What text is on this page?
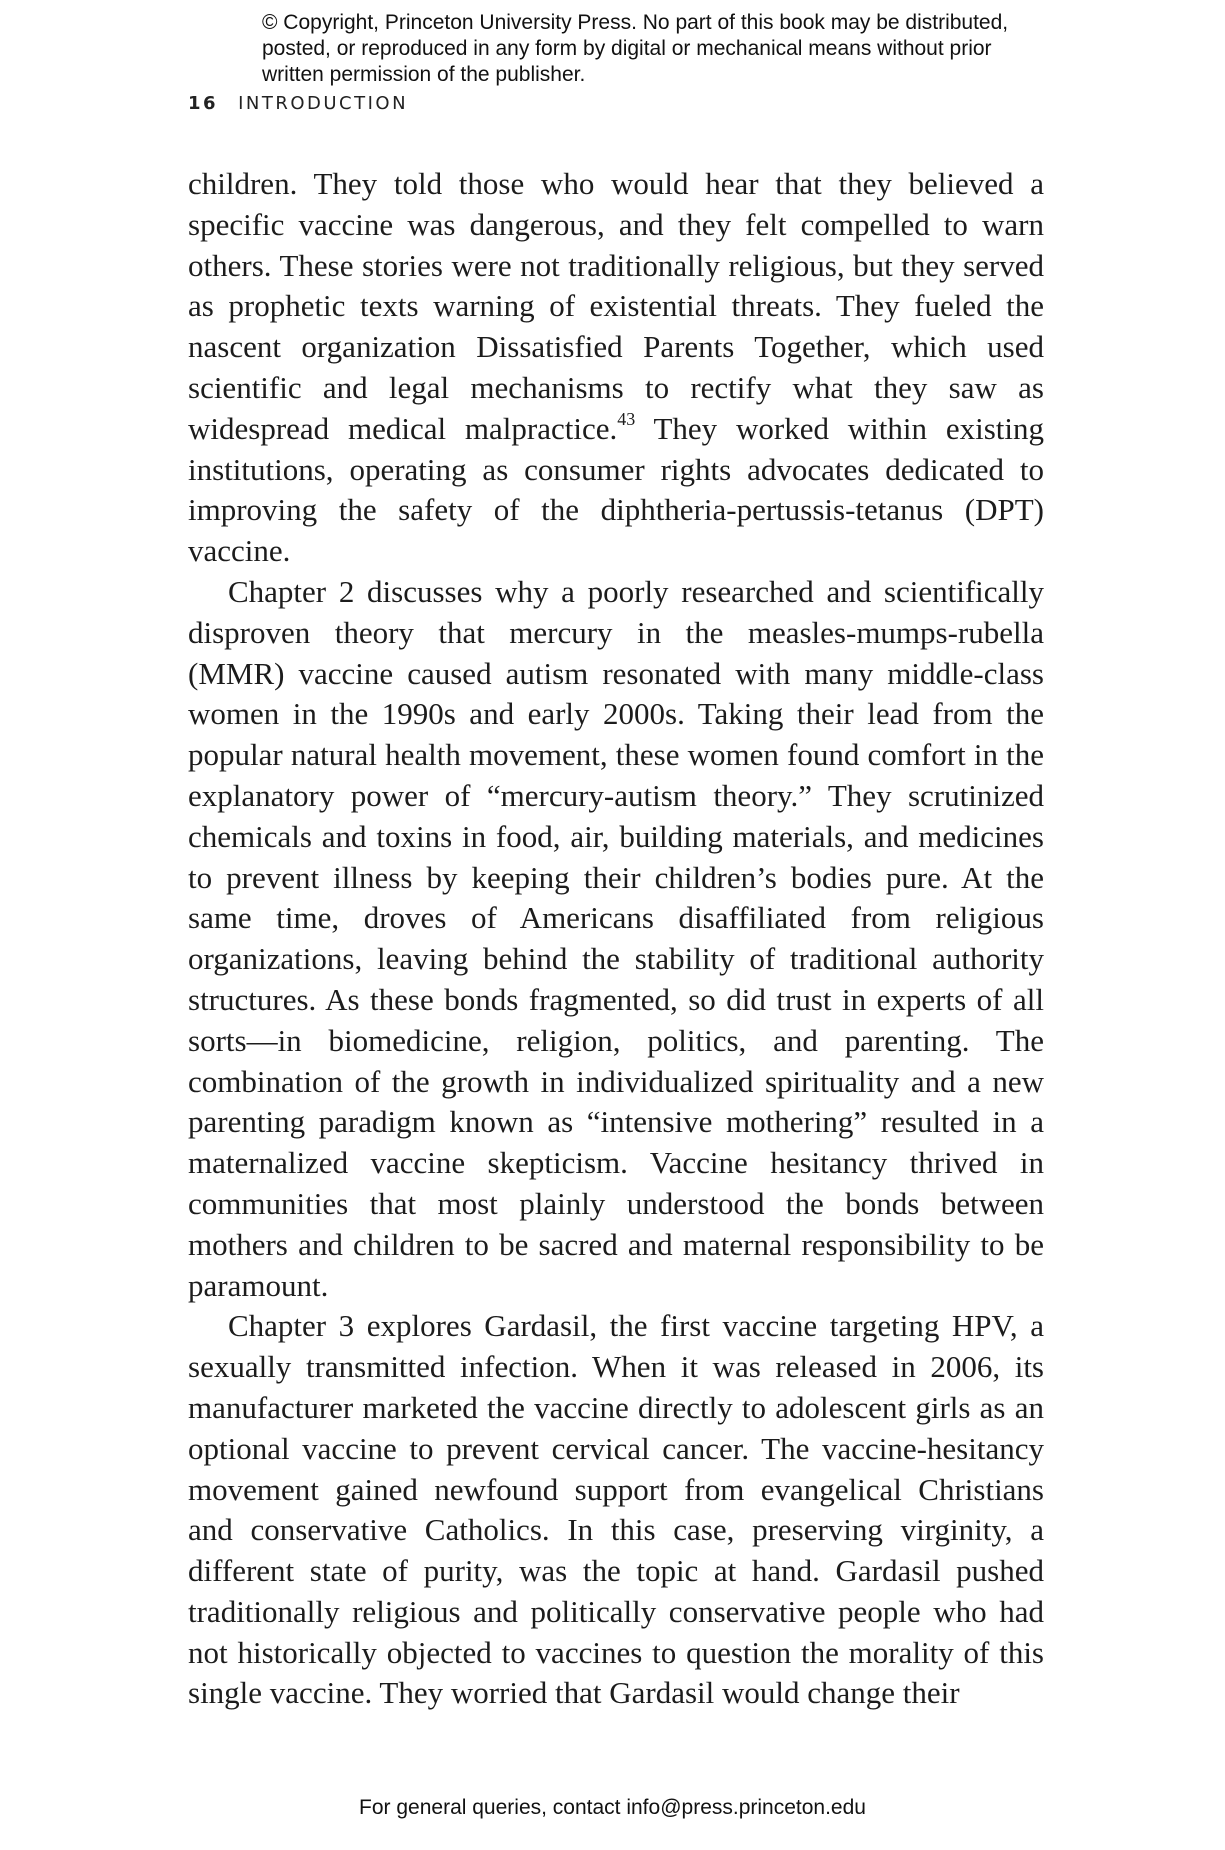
© Copyright, Princeton University Press. No part of this book may be distributed, posted, or reproduced in any form by digital or mechanical means without prior written permission of the publisher.
16 INTRODUCTION

children. They told those who would hear that they believed a specific vaccine was dangerous, and they felt compelled to warn others. These stories were not traditionally religious, but they served as prophetic texts warning of existential threats. They fueled the nascent organization Dissatisfied Parents Together, which used scientific and legal mechanisms to rectify what they saw as widespread medical malpractice.$^{43}$ They worked within existing institutions, operating as consumer rights advocates dedicated to improving the safety of the diphtheria-pertussis-tetanus (DPT) vaccine.

Chapter 2 discusses why a poorly researched and scientifically disproven theory that mercury in the measles-mumps-rubella (MMR) vaccine caused autism resonated with many middle-class women in the 1990s and early 2000s. Taking their lead from the popular natural health movement, these women found comfort in the explanatory power of “mercury-autism theory.” They scrutinized chemicals and toxins in food, air, building materials, and medicines to prevent illness by keeping their children’s bodies pure. At the same time, droves of Americans disaffiliated from religious organizations, leaving behind the stability of traditional authority structures. As these bonds fragmented, so did trust in experts of all sorts—in biomedicine, religion, politics, and parenting. The combination of the growth in individualized spirituality and a new parenting paradigm known as “intensive mothering” resulted in a maternalized vaccine skepticism. Vaccine hesitancy thrived in communities that most plainly understood the bonds between mothers and children to be sacred and maternal responsibility to be paramount.

Chapter 3 explores Gardasil, the first vaccine targeting HPV, a sexually transmitted infection. When it was released in 2006, its manufacturer marketed the vaccine directly to adolescent girls as an optional vaccine to prevent cervical cancer. The vaccine-hesitancy movement gained newfound support from evangelical Christians and conservative Catholics. In this case, preserving virginity, a different state of purity, was the topic at hand. Gardasil pushed traditionally religious and politically conservative people who had not historically objected to vaccines to question the morality of this single vaccine. They worried that Gardasil would change their

For general queries, contact info@press.princeton.edu
